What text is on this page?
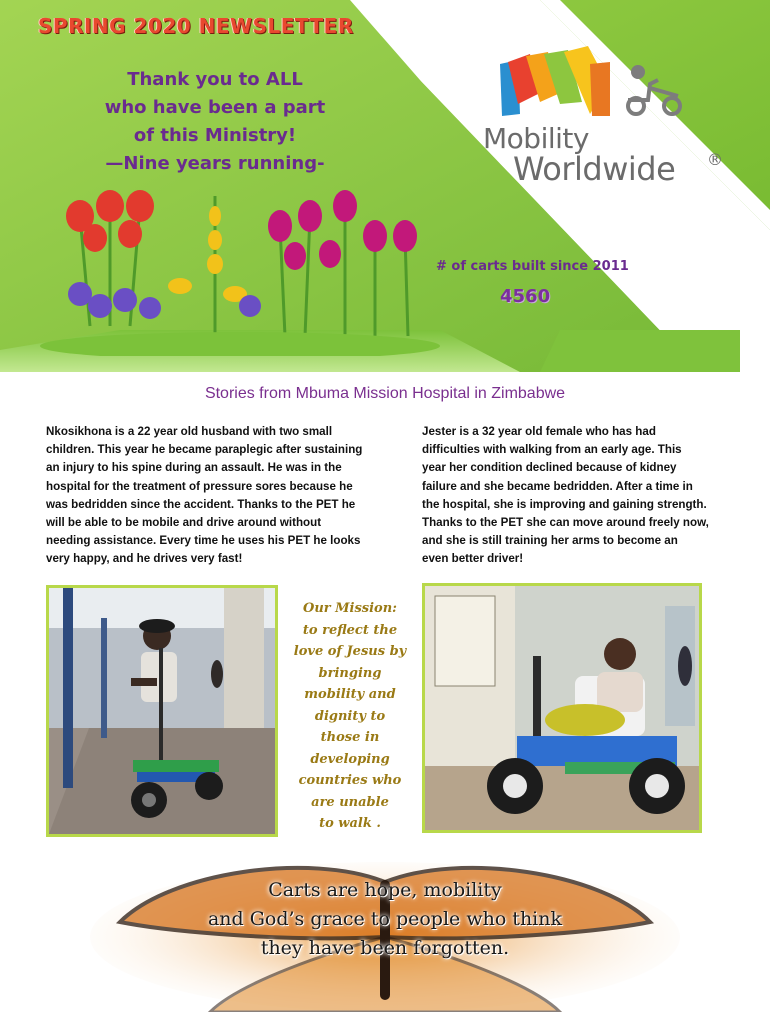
SPRING 2020 NEWSLETTER
Thank you to ALL
who have been a part
of this Ministry!
—Nine years running-
Mobility
Worldwide ®
IA – Leighton
# of carts built since 2011
4560
Stories from Mbuma Mission Hospital in Zimbabwe
Nkosikhona is a 22 year old husband with two small
children. This year he became paraplegic after sustaining
an injury to his spine during an assault. He was in the
hospital for the treatment of pressure sores because he
was bedridden since the accident. Thanks to the PET he
will be able to be mobile and drive around without
needing assistance. Every time he uses his PET he looks
very happy, and he drives very fast!
Jester is a 32 year old female who has had
difficulties with walking from an early age. This
year her condition declined because of kidney
failure and she became bedridden. After a time in
the hospital, she is improving and gaining strength.
Thanks to the PET she can move around freely now,
and she is still training her arms to become an
even better driver!
Our Mission:
to reflect the
love of Jesus by
bringing
mobility and
dignity to
those in
developing
countries who
are unable
to walk .
Carts are hope, mobility
and God’s grace to people who think
they have been forgotten.
